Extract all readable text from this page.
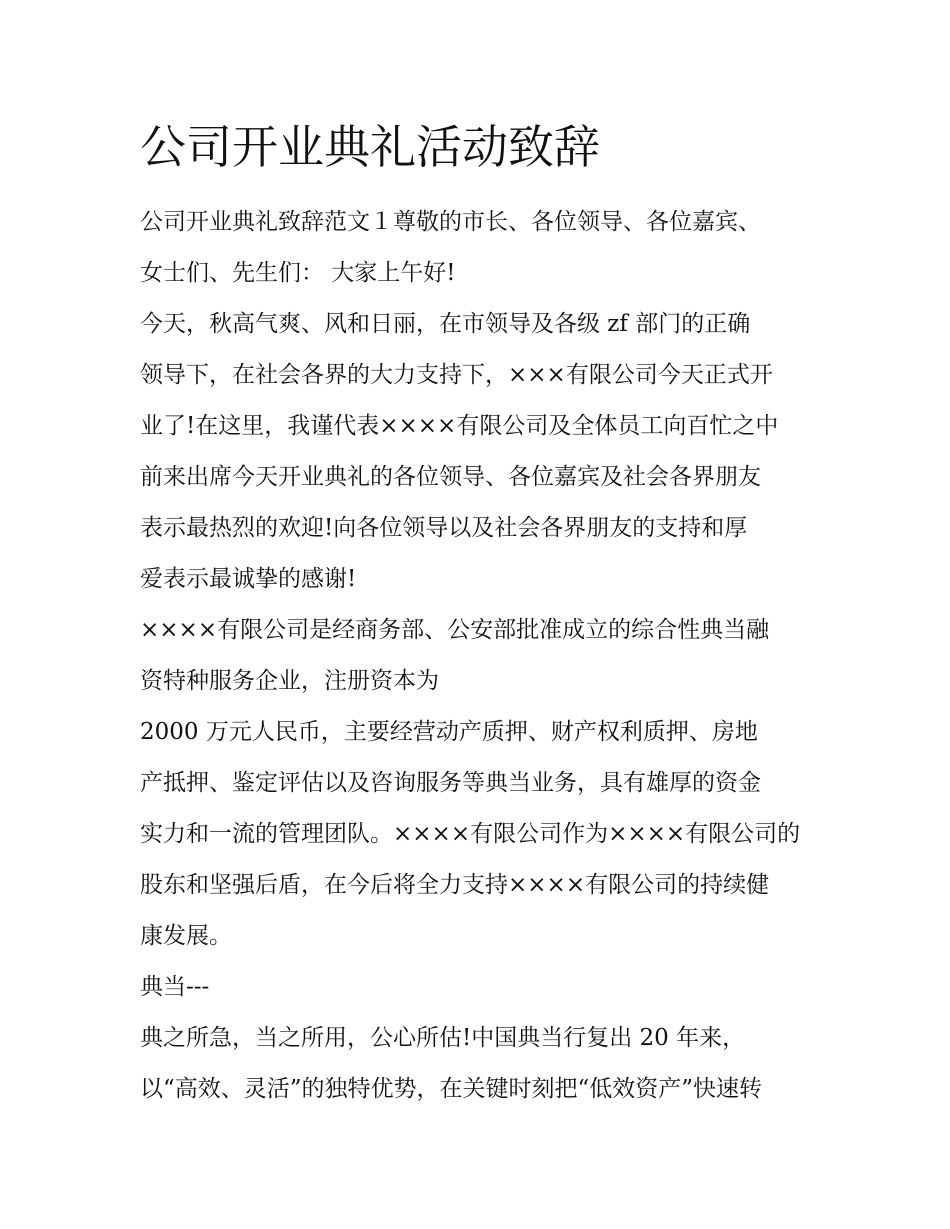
公司开业典礼活动致辞
公司开业典礼致辞范文１尊敬的市长、各位领导、各位嘉宾、
女士们、先生们： 大家上午好!
今天，秋高气爽、风和日丽，在市领导及各级 zf 部门的正确
领导下，在社会各界的大力支持下，×××有限公司今天正式开
业了!在这里，我谨代表××××有限公司及全体员工向百忙之中
前来出席今天开业典礼的各位领导、各位嘉宾及社会各界朋友
表示最热烈的欢迎!向各位领导以及社会各界朋友的支持和厚
爱表示最诚挚的感谢!
××××有限公司是经商务部、公安部批准成立的综合性典当融
资特种服务企业，注册资本为
2000 万元人民币，主要经营动产质押、财产权利质押、房地
产抵押、鉴定评估以及咨询服务等典当业务，具有雄厚的资金
实力和一流的管理团队。××××有限公司作为××××有限公司的
股东和坚强后盾，在今后将全力支持××××有限公司的持续健
康发展。
典当---
典之所急，当之所用，公心所估!中国典当行复出 20 年来，
以“高效、灵活”的独特优势，在关键时刻把“低效资产”快速转
